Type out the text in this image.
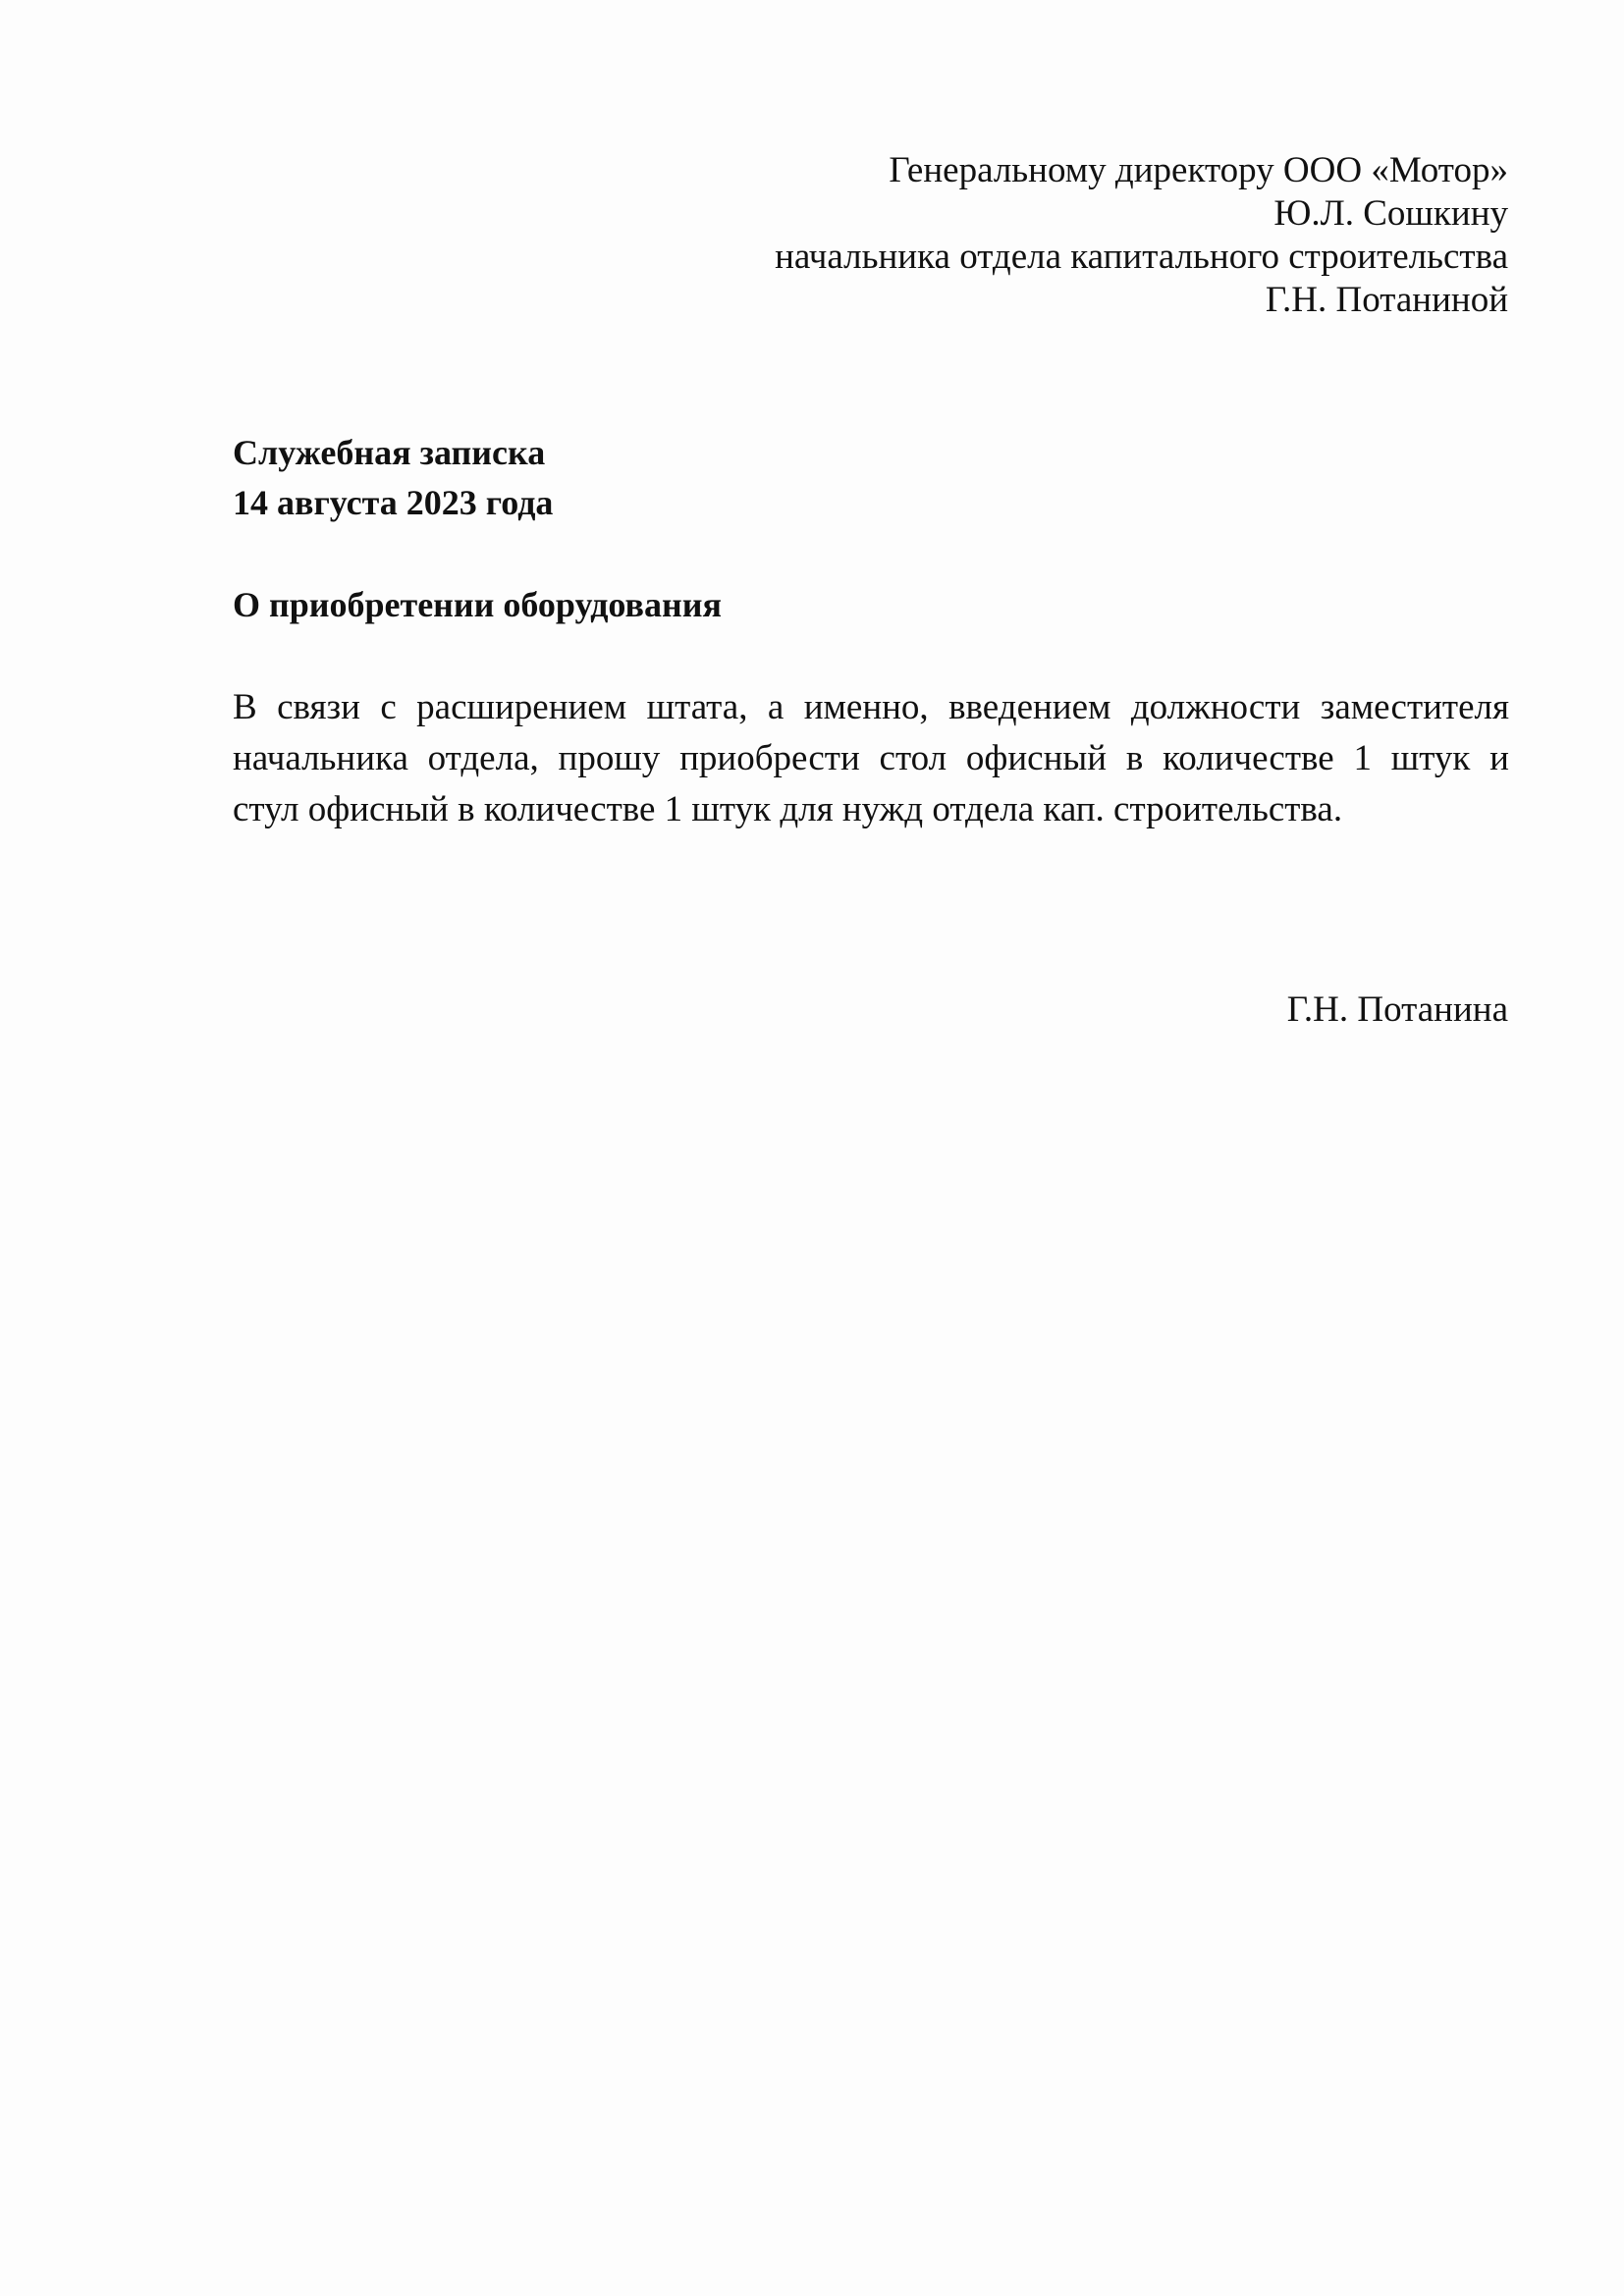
Генеральному директору ООО «Мотор»
Ю.Л. Сошкину
начальника отдела капитального строительства
Г.Н. Потаниной
Служебная записка
14 августа 2023 года
О приобретении оборудования
В связи с расширением штата, а именно, введением должности заместителя
начальника отдела, прошу приобрести стол офисный в количестве 1 штук и
стул офисный в количестве 1 штук для нужд отдела кап. строительства.
Г.Н. Потанина
